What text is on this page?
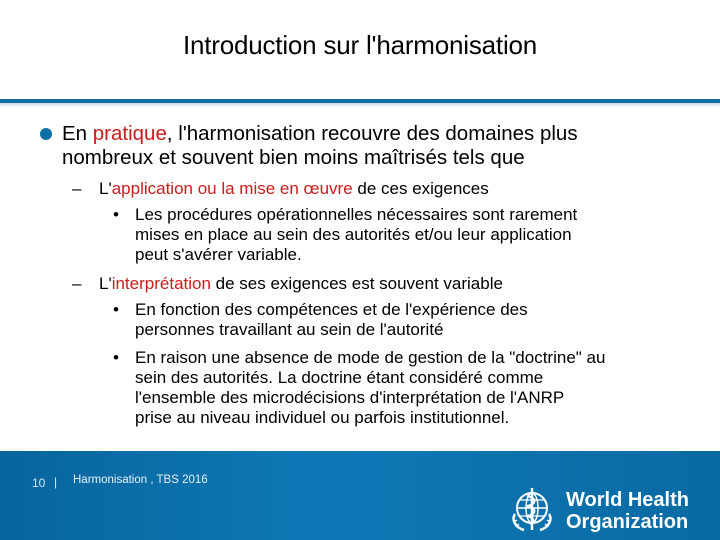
Introduction sur l'harmonisation
En pratique, l'harmonisation recouvre des domaines plus
nombreux et souvent bien moins maîtrisés tels que
– L'application ou la mise en œuvre de ces exigences
• Les procédures opérationnelles nécessaires sont rarement
mises en place au sein des autorités et/ou leur application
peut s'avérer variable.
– L'interprétation de ses exigences est souvent variable
• En fonction des compétences et de l'expérience des
personnes travaillant au sein de l'autorité
• En raison une absence de mode de gestion de la "doctrine" au
sein des autorités. La doctrine étant considéré comme
l'ensemble des microdécisions d'interprétation de l'ANRP
prise au niveau individuel ou parfois institutionnel.
10 | Harmonisation , TBS 2016
World Health
Organization
